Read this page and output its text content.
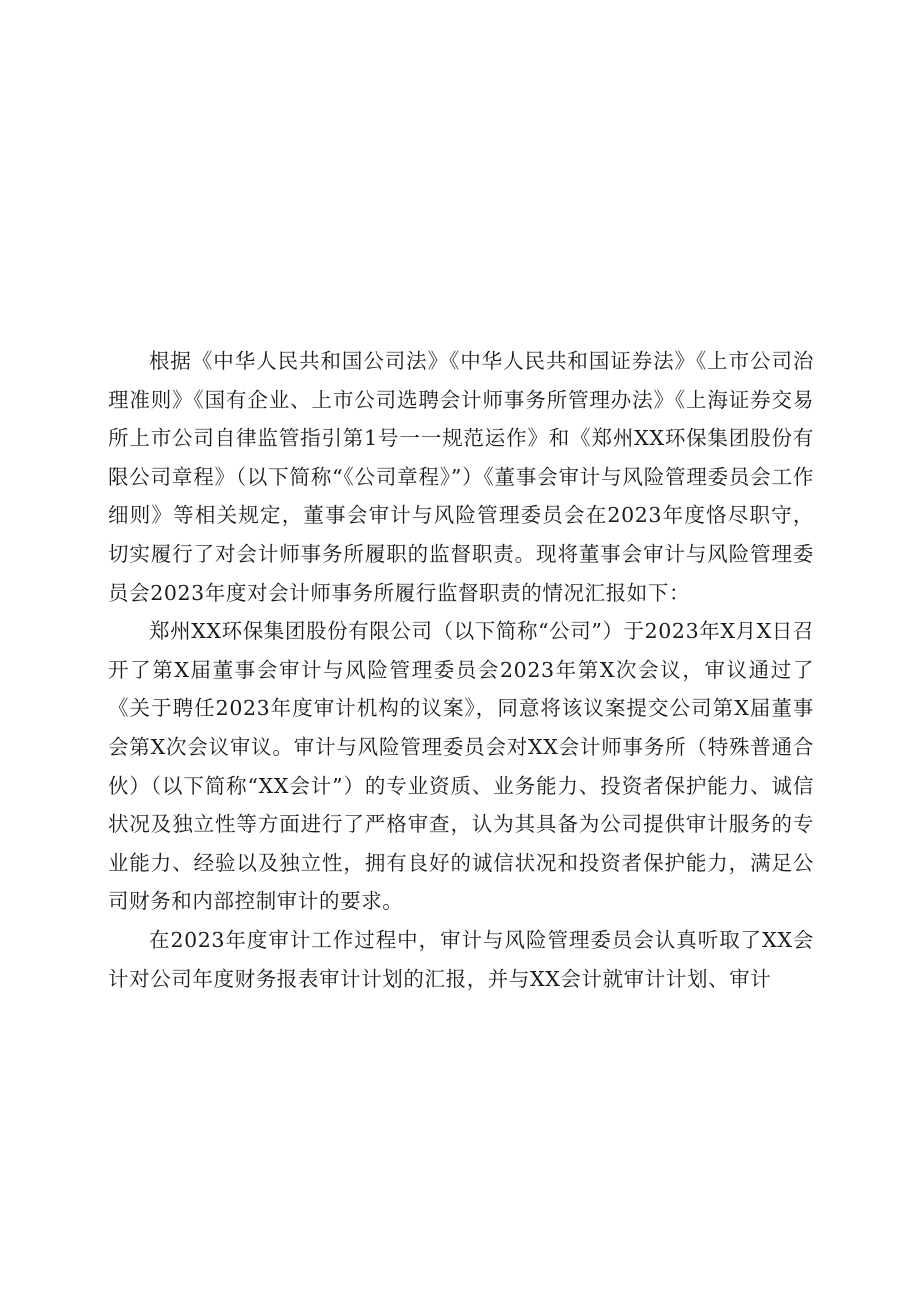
根据《中华人民共和国公司法》《中华人民共和国证券法》《上市公司治理准则》《国有企业、上市公司选聘会计师事务所管理办法》《上海证券交易所上市公司自律监管指引第1号一一规范运作》和《郑州XX环保集团股份有限公司章程》（以下简称“《公司章程》”）《董事会审计与风险管理委员会工作细则》等相关规定，董事会审计与风险管理委员会在2023年度恪尽职守，切实履行了对会计师事务所履职的监督职责。现将董事会审计与风险管理委员会2023年度对会计师事务所履行监督职责的情况汇报如下：

郑州XX环保集团股份有限公司（以下简称“公司”）于2023年X月X日召开了第X届董事会审计与风险管理委员会2023年第X次会议，审议通过了《关于聘任2023年度审计机构的议案》，同意将该议案提交公司第X届董事会第X次会议审议。审计与风险管理委员会对XX会计师事务所（特殊普通合伙）（以下简称“XX会计”）的专业资质、业务能力、投资者保护能力、诚信状况及独立性等方面进行了严格审查，认为其具备为公司提供审计服务的专业能力、经验以及独立性，拥有良好的诚信状况和投资者保护能力，满足公司财务和内部控制审计的要求。

在2023年度审计工作过程中，审计与风险管理委员会认真听取了XX会计对公司年度财务报表审计计划的汇报，并与XX会计就审计计划、审计
